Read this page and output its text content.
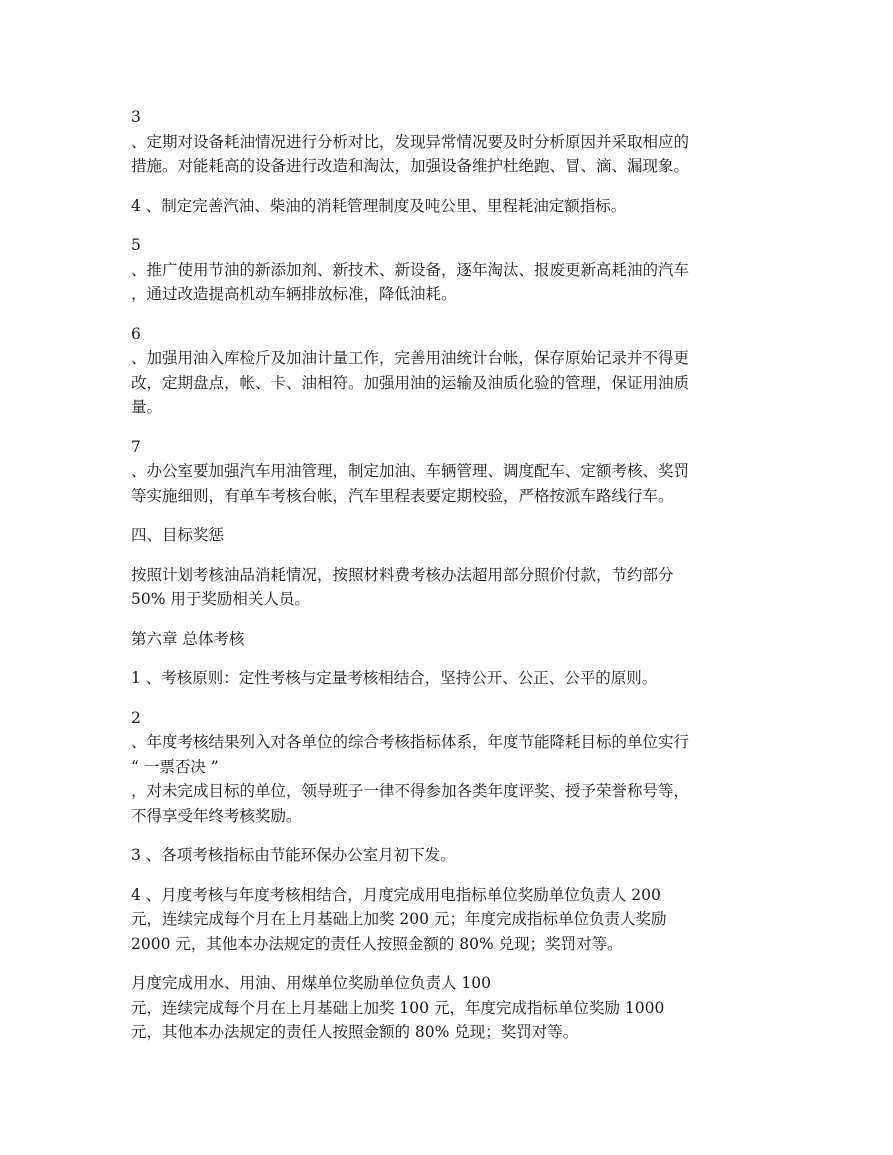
3
、定期对设备耗油情况进行分析对比，发现异常情况要及时分析原因并采取相应的
措施。对能耗高的设备进行改造和淘汰，加强设备维护杜绝跑、冒、滴、漏现象。

4 、制定完善汽油、柴油的消耗管理制度及吨公里、里程耗油定额指标。

5
、推广使用节油的新添加剂、新技术、新设备，逐年淘汰、报废更新高耗油的汽车
，通过改造提高机动车辆排放标准，降低油耗。

6
、加强用油入库检斤及加油计量工作，完善用油统计台帐，保存原始记录并不得更
改，定期盘点，帐、卡、油相符。加强用油的运输及油质化验的管理，保证用油质
量。

7
、办公室要加强汽车用油管理，制定加油、车辆管理、调度配车、定额考核、奖罚
等实施细则，有单车考核台帐，汽车里程表要定期校验，严格按派车路线行车。

四、目标奖惩

按照计划考核油品消耗情况，按照材料费考核办法超用部分照价付款，节约部分
50% 用于奖励相关人员。

第六章 总体考核

1 、考核原则：定性考核与定量考核相结合，坚持公开、公正、公平的原则。

2
、年度考核结果列入对各单位的综合考核指标体系，年度节能降耗目标的单位实行
“ 一票否决 ”
，对未完成目标的单位，领导班子一律不得参加各类年度评奖、授予荣誉称号等，
不得享受年终考核奖励。

3 、各项考核指标由节能环保办公室月初下发。

4 、月度考核与年度考核相结合，月度完成用电指标单位奖励单位负责人 200
元，连续完成每个月在上月基础上加奖 200 元；年度完成指标单位负责人奖励
2000 元，其他本办法规定的责任人按照金额的 80% 兑现；奖罚对等。

月度完成用水、用油、用煤单位奖励单位负责人 100
元，连续完成每个月在上月基础上加奖 100 元，年度完成指标单位奖励 1000
元，其他本办法规定的责任人按照金额的 80% 兑现；奖罚对等。
